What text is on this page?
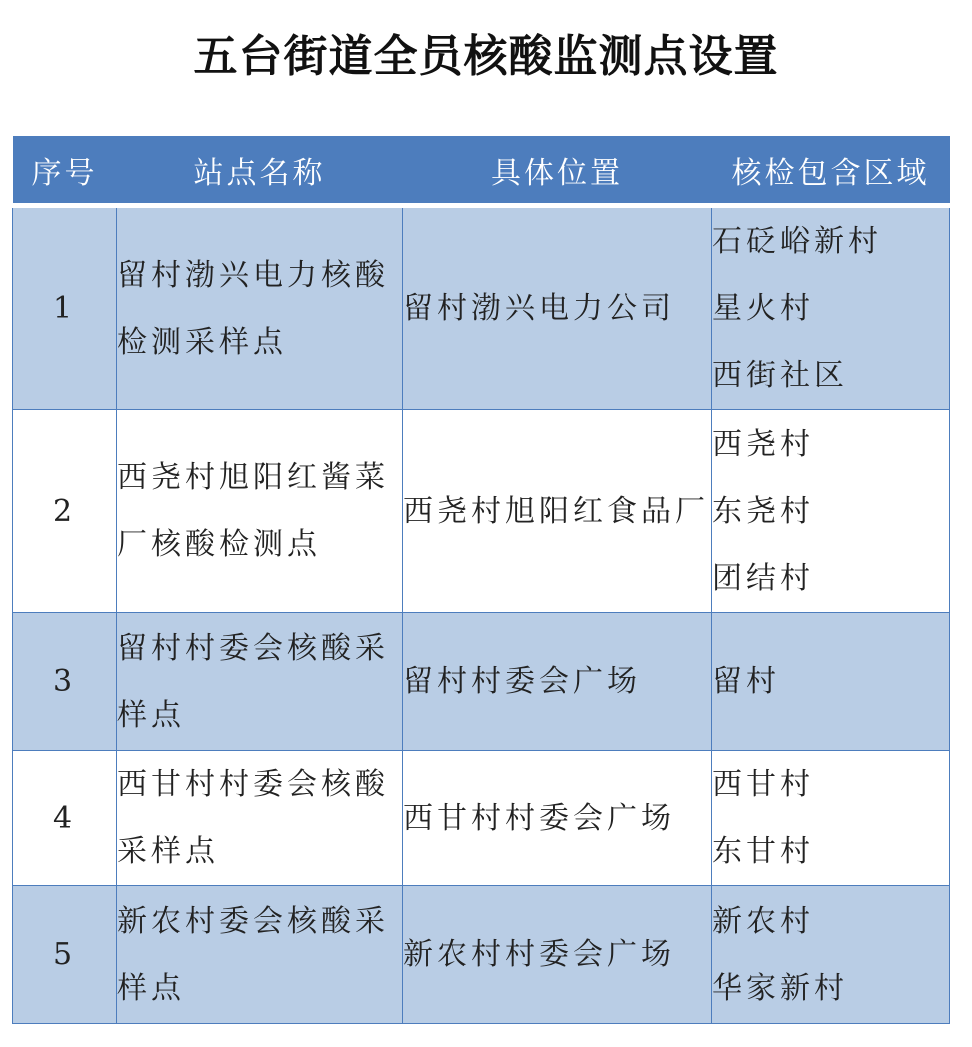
五台街道全员核酸监测点设置
序号	站点名称	具体位置	核检包含区域
1	留村渤兴电力核酸检测采样点	留村渤兴电力公司	石砭峪新村
星火村
西街社区

2	西尧村旭阳红酱菜厂核酸检测点	西尧村旭阳红食品厂	西尧村
东尧村
团结村

3	留村村委会核酸采样点	留村村委会广场	留村

4	西甘村村委会核酸采样点	西甘村村委会广场	西甘村
东甘村

5	新农村委会核酸采样点	新农村村委会广场	新农村
华家新村
